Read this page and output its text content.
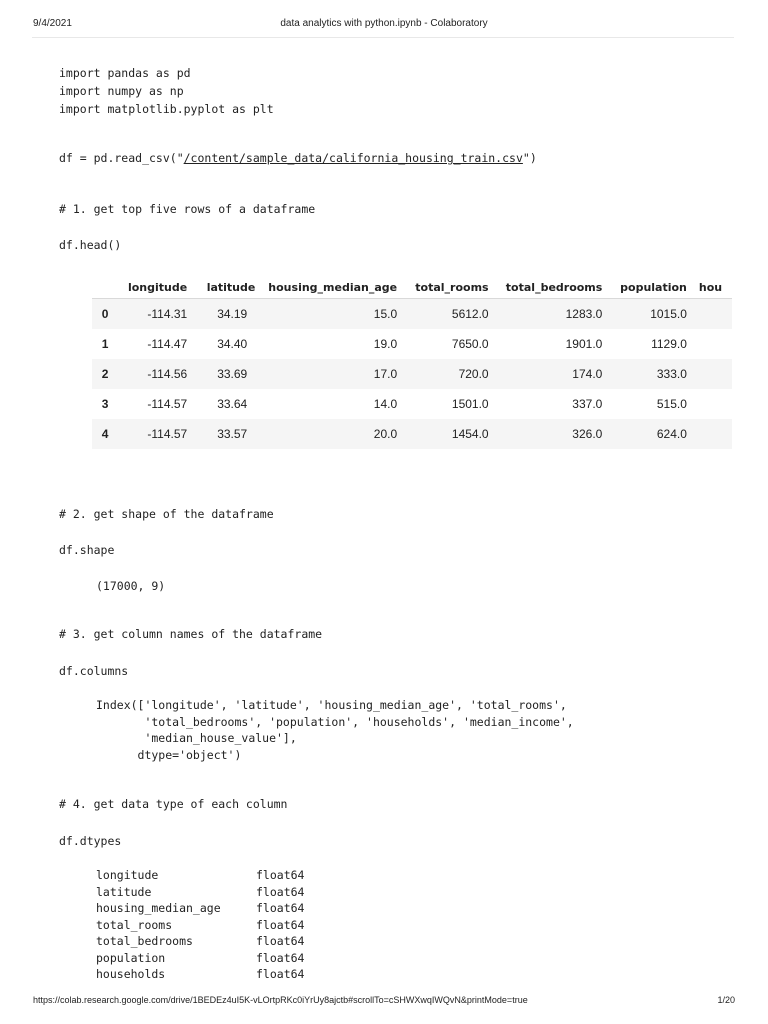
9/4/2021	data analytics with python.ipynb - Colaboratory
import pandas as pd
import numpy as np
import matplotlib.pyplot as plt
df = pd.read_csv("/content/sample_data/california_housing_train.csv")
# 1. get top five rows of a dataframe
df.head()
	longitude	latitude	housing_median_age	total_rooms	total_bedrooms	population	hou
0	-114.31	34.19	15.0	5612.0	1283.0	1015.0	
1	-114.47	34.40	19.0	7650.0	1901.0	1129.0	
2	-114.56	33.69	17.0	720.0	174.0	333.0	
3	-114.57	33.64	14.0	1501.0	337.0	515.0	
4	-114.57	33.57	20.0	1454.0	326.0	624.0	
# 2. get shape of the dataframe
df.shape
(17000, 9)
# 3. get column names of the dataframe
df.columns
Index(['longitude', 'latitude', 'housing_median_age', 'total_rooms',
'total_bedrooms', 'population', 'households', 'median_income',
'median_house_value'],
dtype='object')
# 4. get data type of each column
df.dtypes
longitude	float64
latitude	float64
housing_median_age	float64
total_rooms	float64
total_bedrooms	float64
population	float64
households	float64
https://colab.research.google.com/drive/1BEDEz4uI5K-vLOrtpRKc0iYrUy8ajctb#scrollTo=cSHWXwqIWQvN&printMode=true	1/20
